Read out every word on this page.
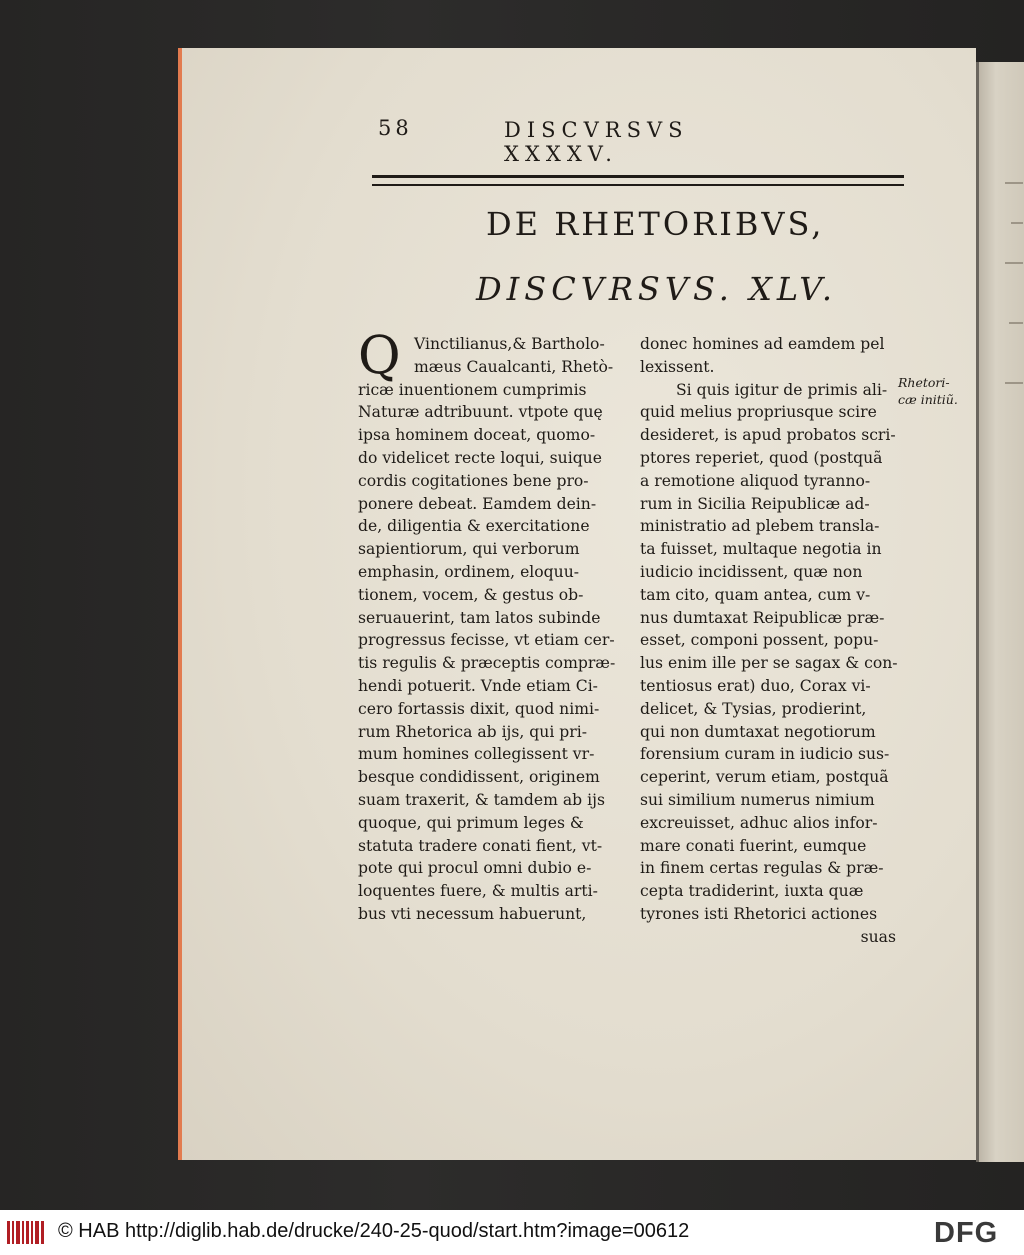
58	DISCVRSVS XXXXV.
DE RHETORIBVS,
DISCVRSVS. XLV.
Q Vinctilianus,& Bartholo-
mæus Caualcanti, Rhetò-
ricæ inuentionem cumprimis
Naturæ adtribuunt. vtpote quę
ipsa hominem doceat, quomo-
do videlicet recte loqui, suique
cordis cogitationes bene pro-
ponere debeat. Eamdem dein-
de, diligentia & exercitatione
sapientiorum, qui verborum
emphasin, ordinem, eloquu-
tionem, vocem, & gestus ob-
seruauerint, tam latos subinde
progressus fecisse, vt etiam cer-
tis regulis & præceptis compræ-
hendi potuerit. Vnde etiam Ci-
cero fortassis dixit, quod nimi-
rum Rhetorica ab ijs, qui pri-
mum homines collegissent vr-
besque condidissent, originem
suam traxerit, & tamdem ab ijs
quoque, qui primum leges &
statuta tradere conati fient, vt-
pote qui procul omni dubio e-
loquentes fuere, & multis arti-
bus vti necessum habuerunt,
donec homines ad eamdem pel
lexissent.
Si quis igitur de primis ali-
quid melius propriusque scire
desideret, is apud probatos scri-
ptores reperiet, quod (postquã
a remotione aliquod tyranno-
rum in Sicilia Reipublicæ ad-
ministratio ad plebem transla-
ta fuisset, multaque negotia in
iudicio incidissent, quæ non
tam cito, quam antea, cum v-
nus dumtaxat Reipublicæ præ-
esset, componi possent, popu-
lus enim ille per se sagax & con-
tentiosus erat) duo, Corax vi-
delicet, & Tysias, prodierint,
qui non dumtaxat negotiorum
forensium curam in iudicio sus-
ceperint, verum etiam, postquã
sui similium numerus nimium
excreuisset, adhuc alios infor-
mare conati fuerint, eumque
in finem certas regulas & præ-
cepta tradiderint, iuxta quæ
tyrones isti Rhetorici actiones
suas
Rhetori-
cæ initiũ.
© HAB http://diglib.hab.de/drucke/240-25-quod/start.htm?image=00612	DFG
